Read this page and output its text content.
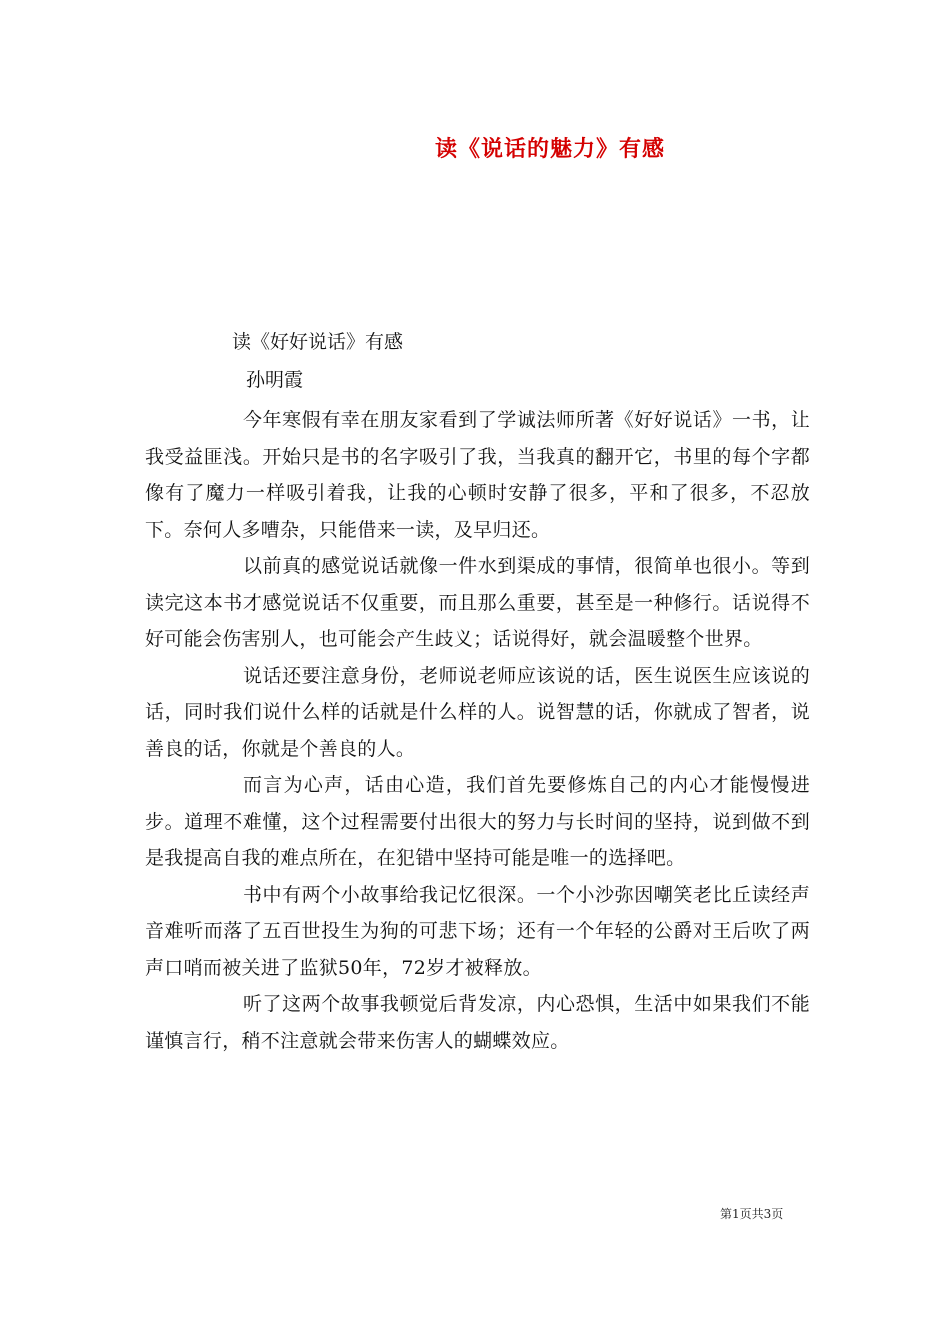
读《说话的魅力》有感
读《好好说话》有感
孙明霞

今年寒假有幸在朋友家看到了学诚法师所著《好好说话》一书，让我受益匪浅。开始只是书的名字吸引了我，当我真的翻开它，书里的每个字都像有了魔力一样吸引着我，让我的心顿时安静了很多，平和了很多，不忍放下。奈何人多嘈杂，只能借来一读，及早归还。

以前真的感觉说话就像一件水到渠成的事情，很简单也很小。等到读完这本书才感觉说话不仅重要，而且那么重要，甚至是一种修行。话说得不好可能会伤害别人，也可能会产生歧义；话说得好，就会温暖整个世界。

说话还要注意身份，老师说老师应该说的话，医生说医生应该说的话，同时我们说什么样的话就是什么样的人。说智慧的话，你就成了智者，说善良的话，你就是个善良的人。

而言为心声，话由心造，我们首先要修炼自己的内心才能慢慢进步。道理不难懂，这个过程需要付出很大的努力与长时间的坚持，说到做不到是我提高自我的难点所在，在犯错中坚持可能是唯一的选择吧。

书中有两个小故事给我记忆很深。一个小沙弥因嘲笑老比丘读经声音难听而落了五百世投生为狗的可悲下场；还有一个年轻的公爵对王后吹了两声口哨而被关进了监狱50年，72岁才被释放。

听了这两个故事我顿觉后背发凉，内心恐惧，生活中如果我们不能谨慎言行，稍不注意就会带来伤害人的蝴蝶效应。

第1页共3页
